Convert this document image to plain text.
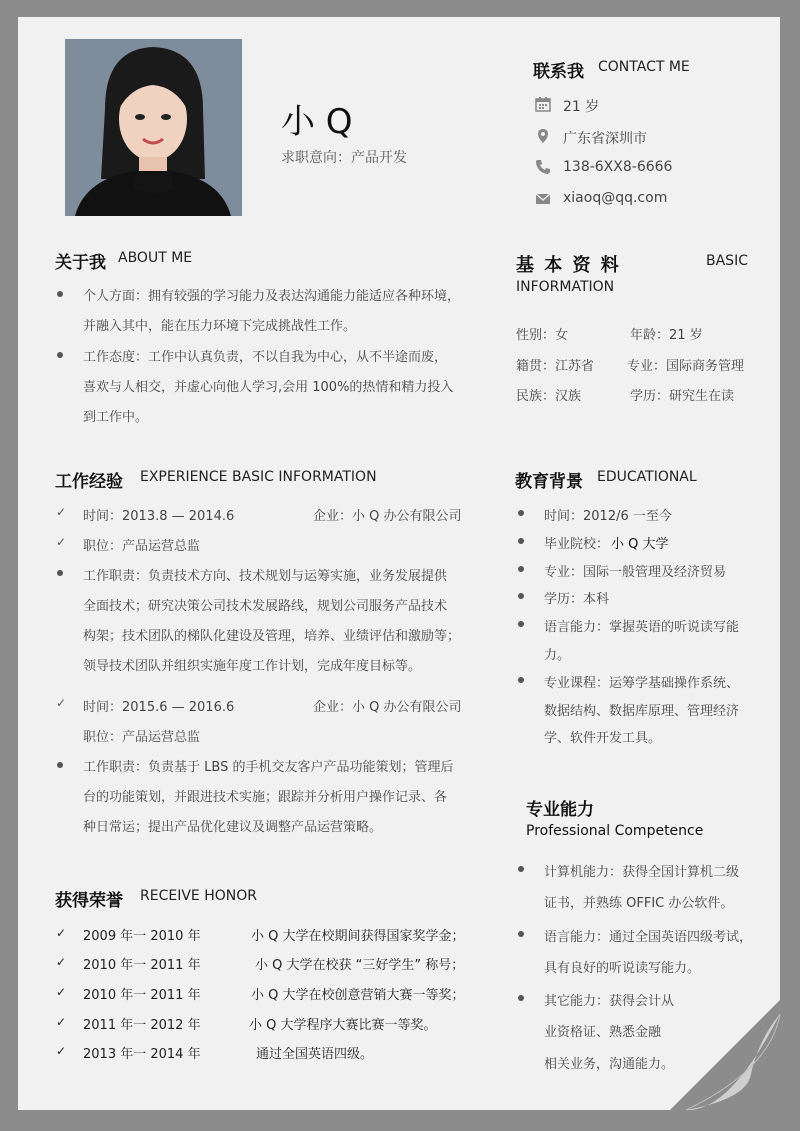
小 Q
求职意向：产品开发
联系我 CONTACT ME
21 岁
广东省深圳市
138-6XX8-6666
xiaoq@qq.com
关于我 ABOUT ME
个人方面：拥有较强的学习能力及表达沟通能力能适应各种环境，
并融入其中，能在压力环境下完成挑战性工作。
工作态度：工作中认真负责，不以自我为中心，从不半途而废，
喜欢与人相交，并虚心向他人学习,会用 100%的热情和精力投入
到工作中。
基 本 资 料	BASIC
INFORMATION
性别：女	年龄：21 岁
籍贯：江苏省	专业：国际商务管理
民族：汉族	学历：研究生在读
工作经验 EXPERIENCE BASIC INFORMATION
✓ 时间：2013.8 — 2014.6	企业：小 Q 办公有限公司
✓ 职位：产品运营总监
工作职责：负责技术方向、技术规划与运筹实施，业务发展提供
全面技术；研究决策公司技术发展路线，规划公司服务产品技术
构架；技术团队的梯队化建设及管理，培养、业绩评估和激励等；
领导技术团队并组织实施年度工作计划，完成年度目标等。
✓ 时间：2015.6 — 2016.6	企业：小 Q 办公有限公司
职位：产品运营总监
工作职责：负责基于 LBS 的手机交友客户产品功能策划；管理后
台的功能策划，并跟进技术实施；跟踪并分析用户操作记录、各
种日常运；提出产品优化建议及调整产品运营策略。
教育背景 EDUCATIONAL
时间：2012/6 一至今
毕业院校： 小 Q 大学
专业：国际一般管理及经济贸易
学历：本科
语言能力：掌握英语的听说读写能
力。
专业课程：运筹学基础操作系统、
数据结构、数据库原理、管理经济
学、软件开发工具。
专业能力
Professional Competence
计算机能力：获得全国计算机二级
证书，并熟练 OFFIC 办公软件。
语言能力：通过全国英语四级考试，
具有良好的听说读写能力。
其它能力：获得会计从
业资格证、熟悉金融
相关业务，沟通能力。
获得荣誉 RECEIVE HONOR
✓ 2009 年一 2010 年	小 Q 大学在校期间获得国家奖学金；
✓ 2010 年一 2011 年	小 Q 大学在校获 “三好学生” 称号；
✓ 2010 年一 2011 年	小 Q 大学在校创意营销大赛一等奖；
✓ 2011 年一 2012 年	小 Q 大学程序大赛比赛一等奖。
✓ 2013 年一 2014 年	通过全国英语四级。
